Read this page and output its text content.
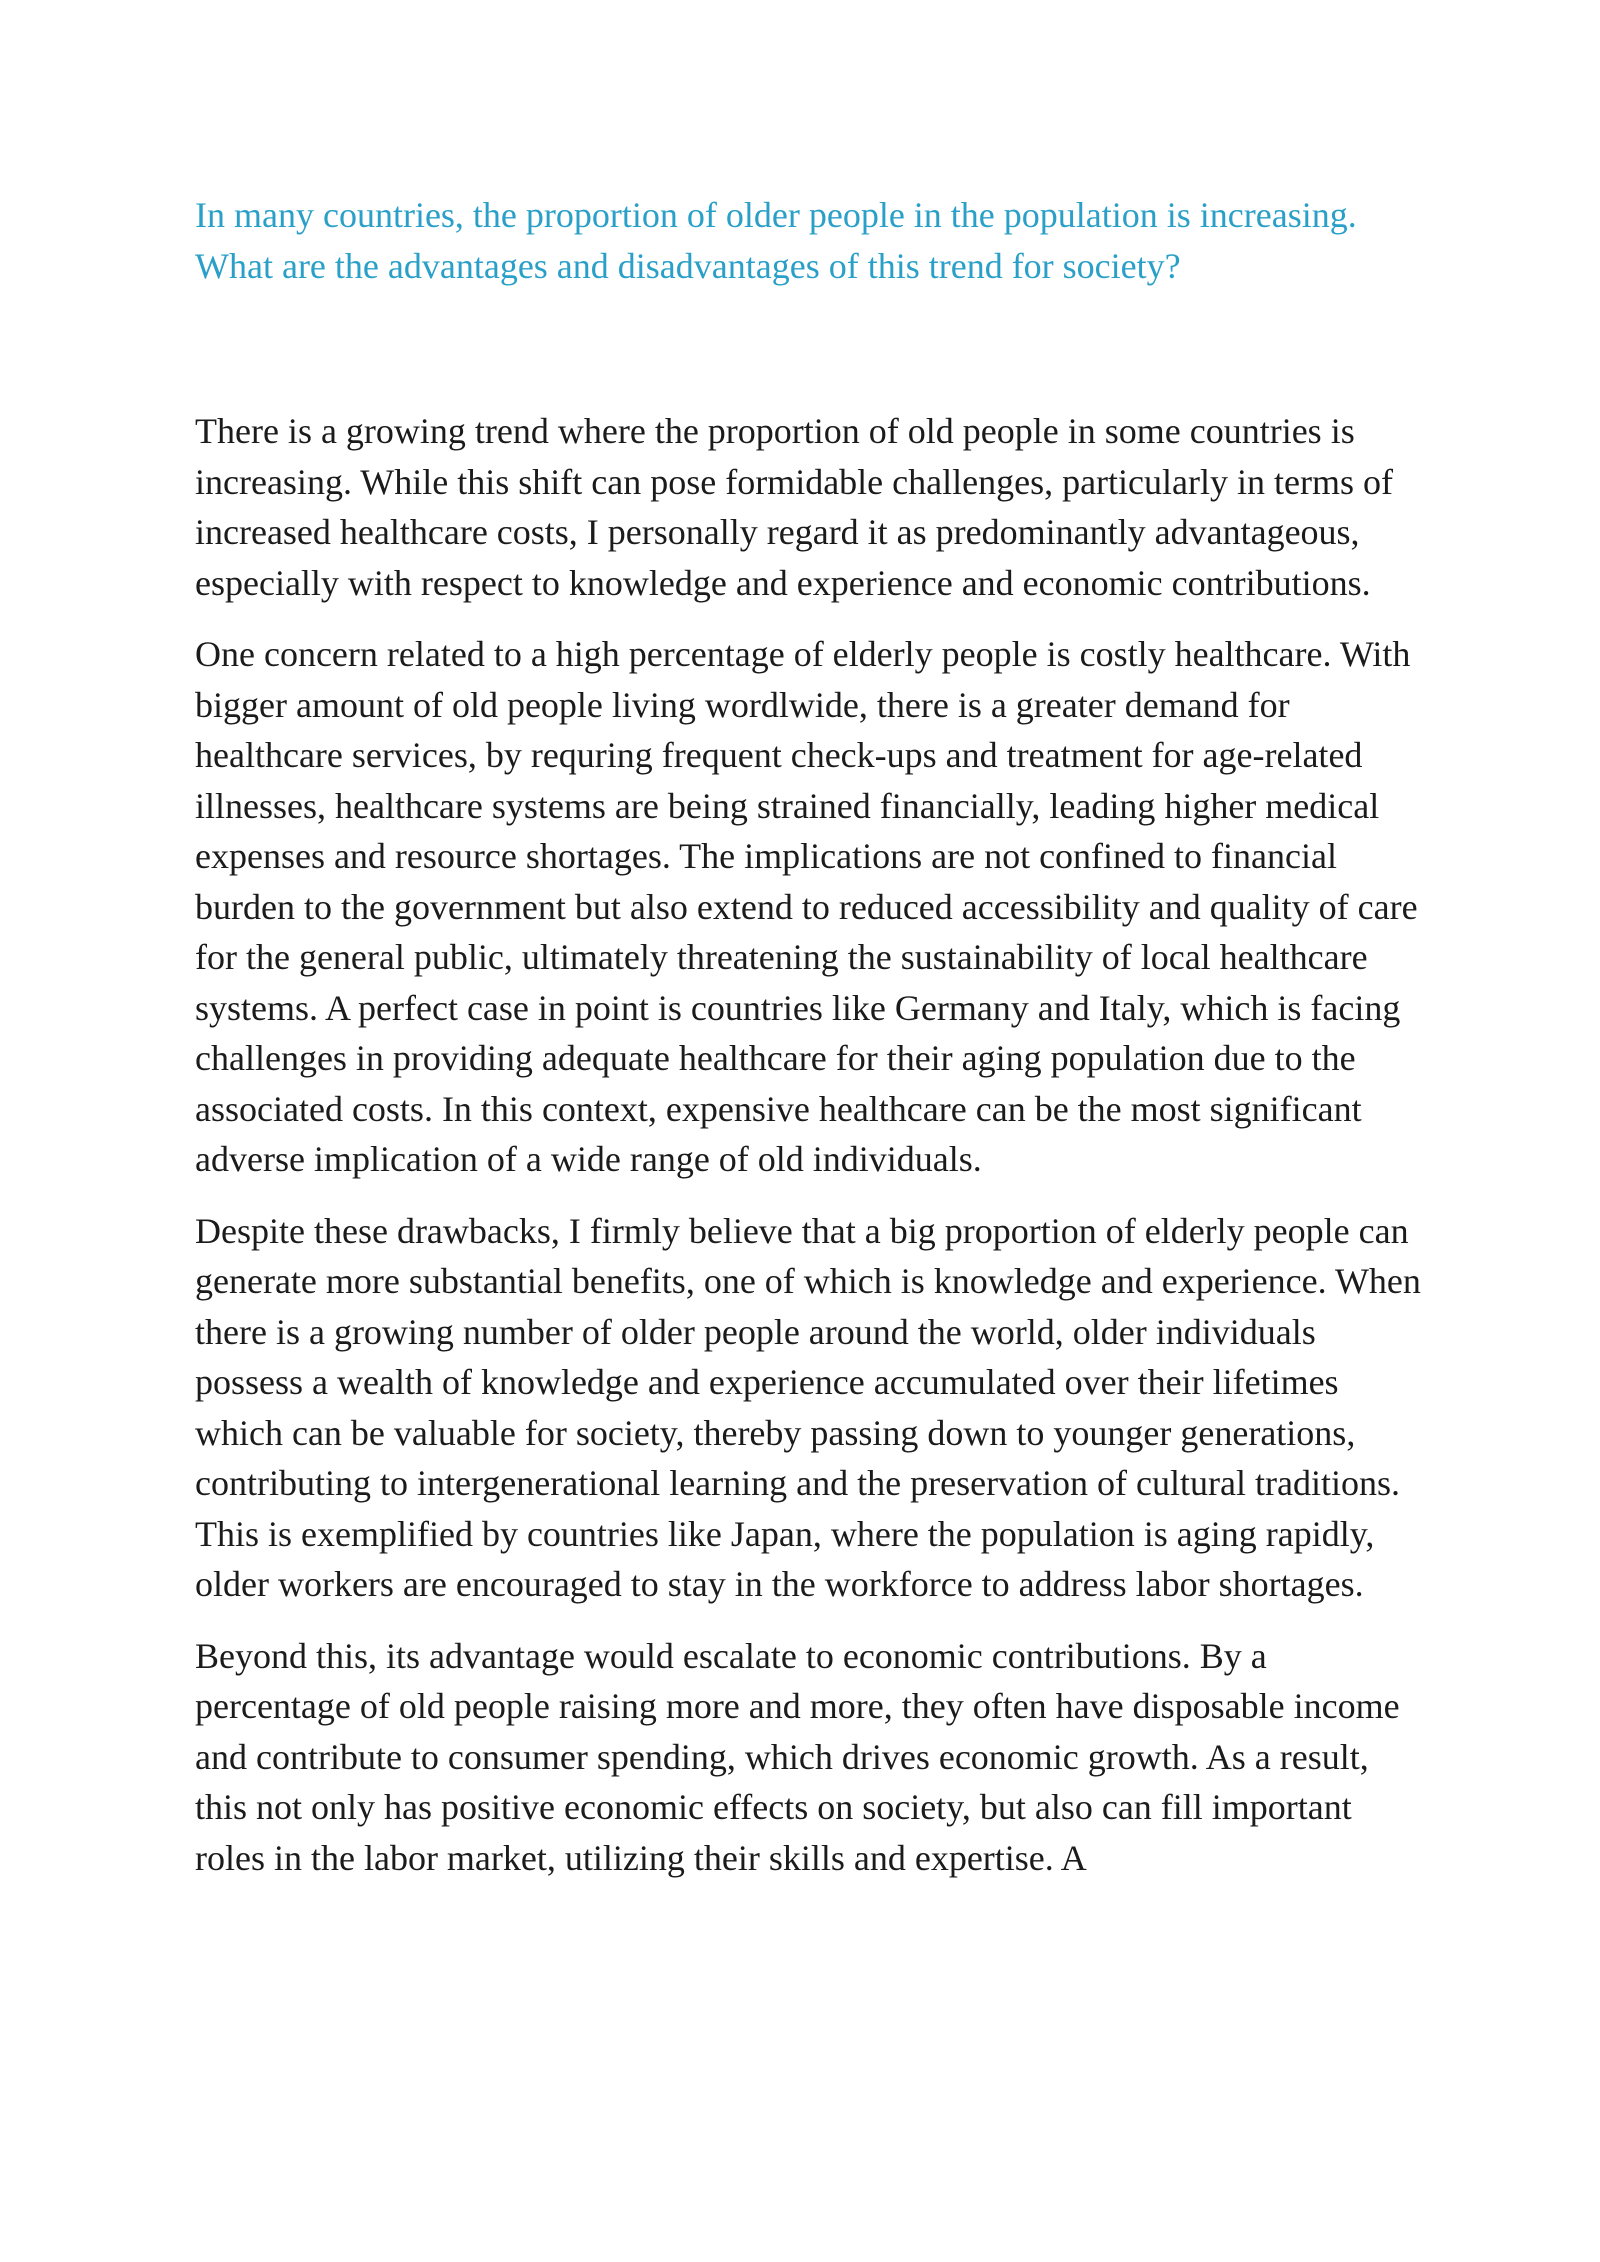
In many countries, the proportion of older people in the population is increasing. What are the advantages and disadvantages of this trend for society?

There is a growing trend where the proportion of old people in some countries is increasing. While this shift can pose formidable challenges, particularly in terms of increased healthcare costs, I personally regard it as predominantly advantageous, especially with respect to knowledge and experience and economic contributions.

One concern related to a high percentage of elderly people is costly healthcare. With bigger amount of old people living wordlwide, there is a greater demand for healthcare services, by requring frequent check-ups and treatment for age-related illnesses, healthcare systems are being strained financially, leading higher medical expenses and resource shortages. The implications are not confined to financial burden to the government but also extend to reduced accessibility and quality of care for the general public, ultimately threatening the sustainability of local healthcare systems. A perfect case in point is countries like Germany and Italy, which is facing challenges in providing adequate healthcare for their aging population due to the associated costs. In this context, expensive healthcare can be the most significant adverse implication of a wide range of old individuals.

Despite these drawbacks, I firmly believe that a big proportion of elderly people can generate more substantial benefits, one of which is knowledge and experience. When there is a growing number of older people around the world, older individuals possess a wealth of knowledge and experience accumulated over their lifetimes which can be valuable for society, thereby passing down to younger generations, contributing to intergenerational learning and the preservation of cultural traditions. This is exemplified by countries like Japan, where the population is aging rapidly, older workers are encouraged to stay in the workforce to address labor shortages.

Beyond this, its advantage would escalate to economic contributions. By a percentage of old people raising more and more, they often have disposable income and contribute to consumer spending, which drives economic growth. As a result, this not only has positive economic effects on society, but also can fill important roles in the labor market, utilizing their skills and expertise. A
